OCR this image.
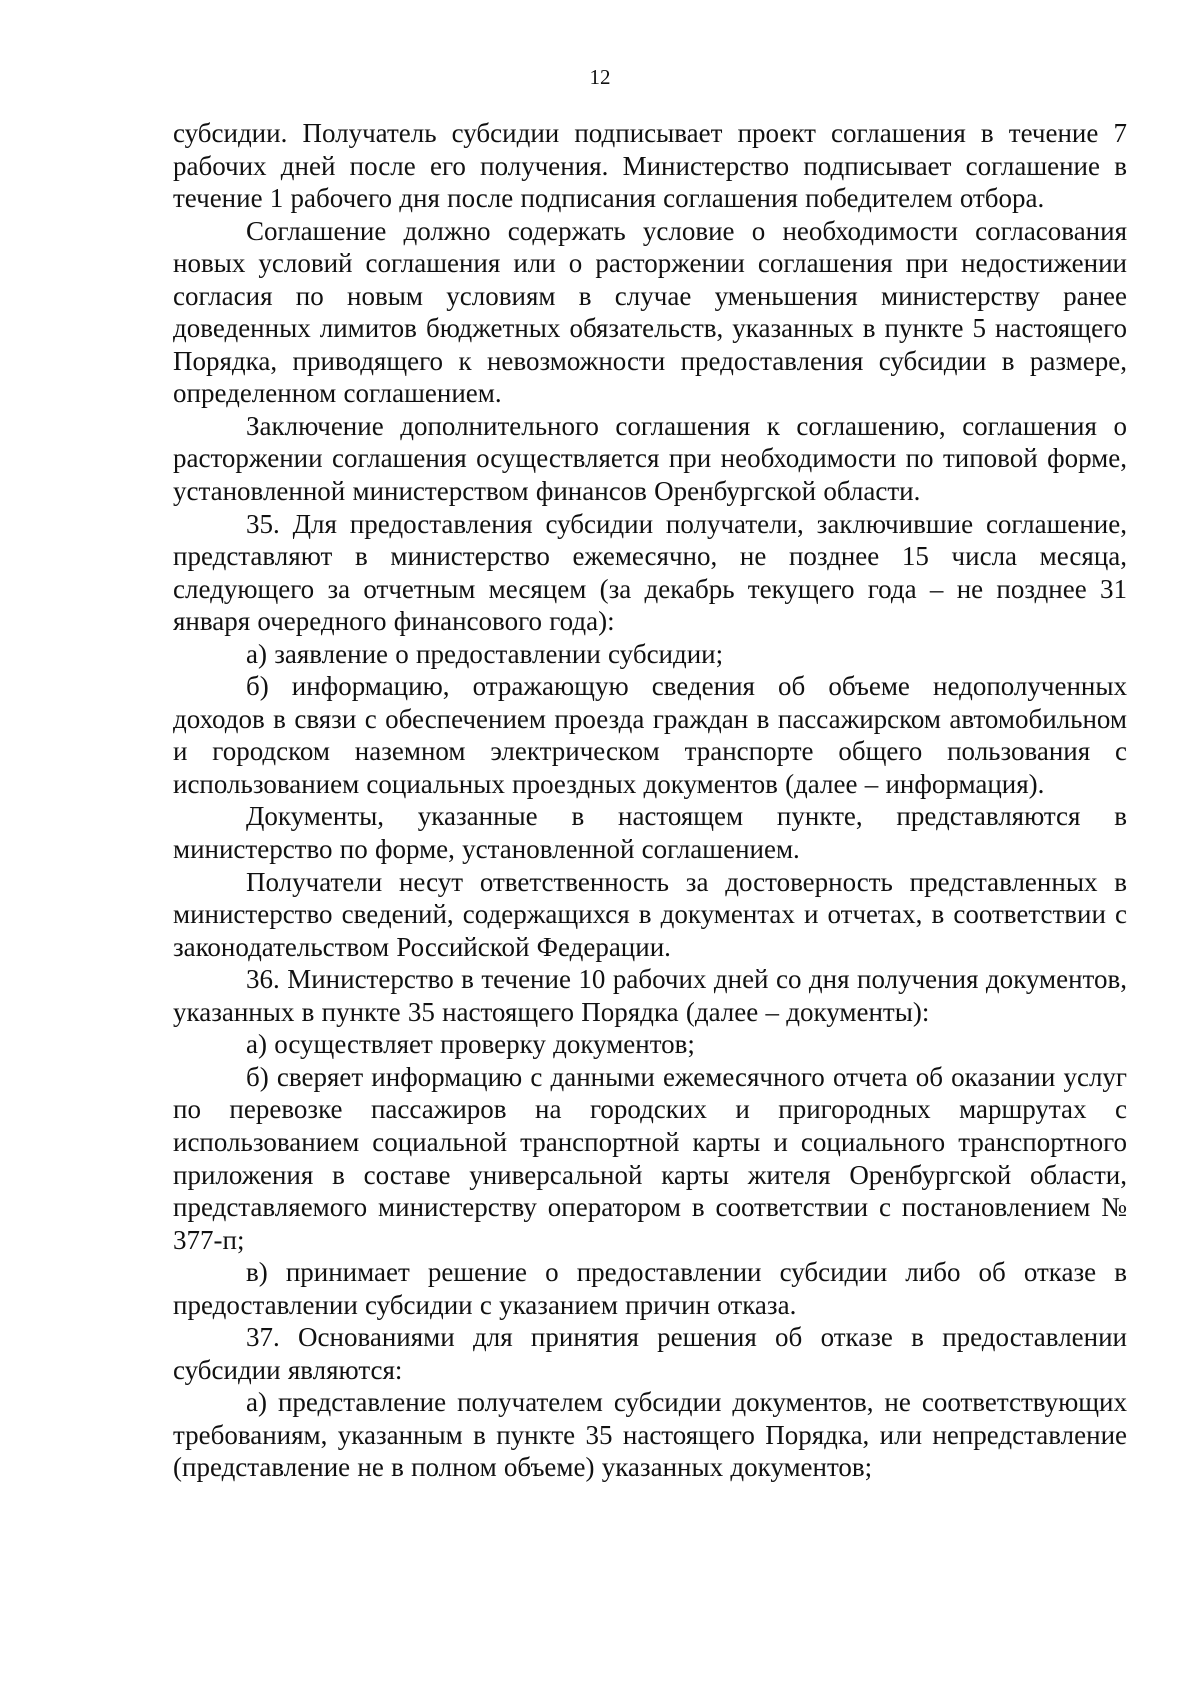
12

субсидии. Получатель субсидии подписывает проект соглашения в течение 7 рабочих дней после его получения. Министерство подписывает соглашение в течение 1 рабочего дня после подписания соглашения победителем отбора.

Соглашение должно содержать условие о необходимости согласования новых условий соглашения или о расторжении соглашения при недостижении согласия по новым условиям в случае уменьшения министерству ранее доведенных лимитов бюджетных обязательств, указанных в пункте 5 настоящего Порядка, приводящего к невозможности предоставления субсидии в размере, определенном соглашением.

Заключение дополнительного соглашения к соглашению, соглашения о расторжении соглашения осуществляется при необходимости по типовой форме, установленной министерством финансов Оренбургской области.

35. Для предоставления субсидии получатели, заключившие соглашение, представляют в министерство ежемесячно, не позднее 15 числа месяца, следующего за отчетным месяцем (за декабрь текущего года – не позднее 31 января очередного финансового года):

а) заявление о предоставлении субсидии;

б) информацию, отражающую сведения об объеме недополученных доходов в связи с обеспечением проезда граждан в пассажирском автомобильном и городском наземном электрическом транспорте общего пользования с использованием социальных проездных документов (далее – информация).

Документы, указанные в настоящем пункте, представляются в министерство по форме, установленной соглашением.

Получатели несут ответственность за достоверность представленных в министерство сведений, содержащихся в документах и отчетах, в соответствии с законодательством Российской Федерации.

36. Министерство в течение 10 рабочих дней со дня получения документов, указанных в пункте 35 настоящего Порядка (далее – документы):

а) осуществляет проверку документов;

б) сверяет информацию с данными ежемесячного отчета об оказании услуг по перевозке пассажиров на городских и пригородных маршрутах с использованием социальной транспортной карты и социального транспортного приложения в составе универсальной карты жителя Оренбургской области, представляемого министерству оператором в соответствии с постановлением № 377-п;

в) принимает решение о предоставлении субсидии либо об отказе в предоставлении субсидии с указанием причин отказа.

37. Основаниями для принятия решения об отказе в предоставлении субсидии являются:

а) представление получателем субсидии документов, не соответствующих требованиям, указанным в пункте 35 настоящего Порядка, или непредставление (представление не в полном объеме) указанных документов;
